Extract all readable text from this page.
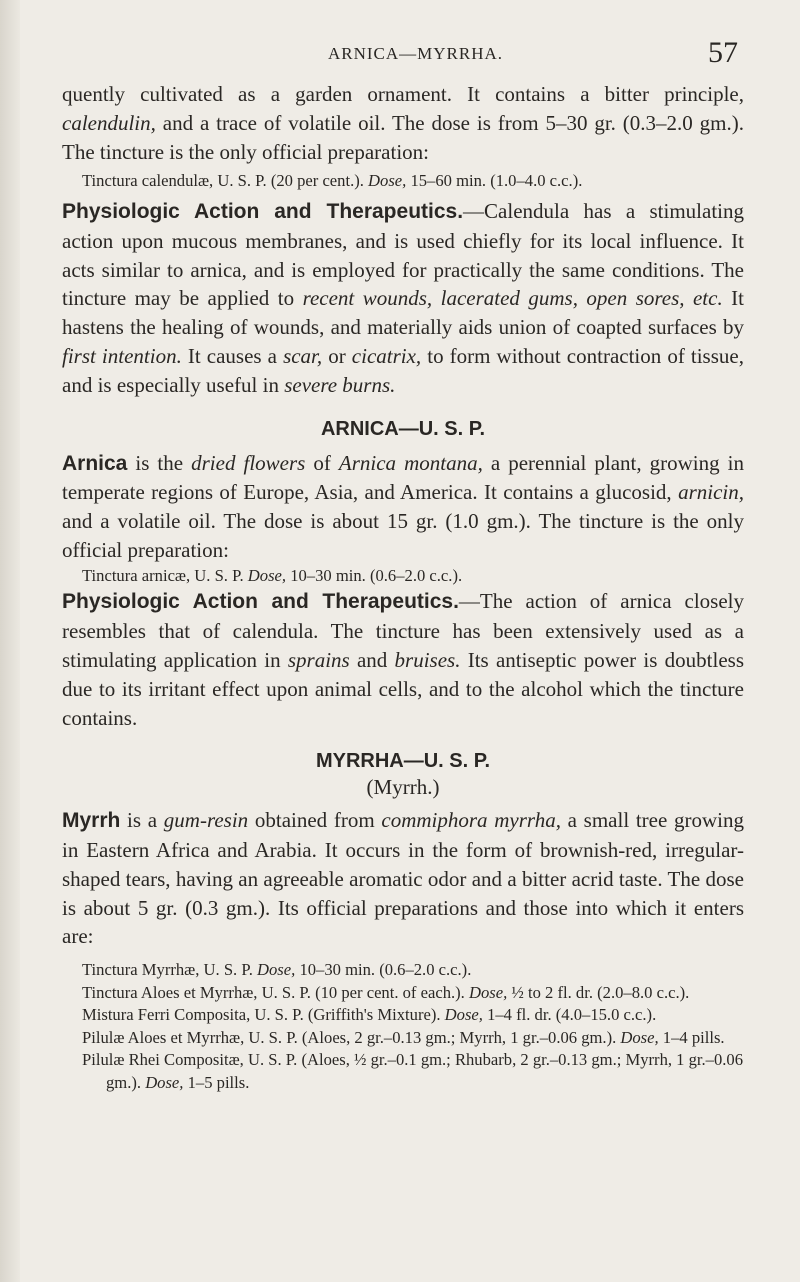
ARNICA—MYRRHA.	57

quently cultivated as a garden ornament. It contains a bitter principle, calendulin, and a trace of volatile oil. The dose is from 5–30 gr. (0.3–2.0 gm.). The tincture is the only official preparation:

Tinctura calendulæ, U. S. P. (20 per cent.). Dose, 15–60 min. (1.0–4.0 c.c.).

Physiologic Action and Therapeutics.—Calendula has a stimulating action upon mucous membranes, and is used chiefly for its local influence. It acts similar to arnica, and is employed for practically the same conditions. The tincture may be applied to recent wounds, lacerated gums, open sores, etc. It hastens the healing of wounds, and materially aids union of coapted surfaces by first intention. It causes a scar, or cicatrix, to form without contraction of tissue, and is especially useful in severe burns.

ARNICA—U. S. P.

Arnica is the dried flowers of Arnica montana, a perennial plant, growing in temperate regions of Europe, Asia, and America. It contains a glucosid, arnicin, and a volatile oil. The dose is about 15 gr. (1.0 gm.). The tincture is the only official preparation:

Tinctura arnicæ, U. S. P. Dose, 10–30 min. (0.6–2.0 c.c.).

Physiologic Action and Therapeutics.—The action of arnica closely resembles that of calendula. The tincture has been extensively used as a stimulating application in sprains and bruises. Its antiseptic power is doubtless due to its irritant effect upon animal cells, and to the alcohol which the tincture contains.

MYRRHA—U. S. P.

(Myrrh.)

Myrrh is a gum-resin obtained from commiphora myrrha, a small tree growing in Eastern Africa and Arabia. It occurs in the form of brownish-red, irregular-shaped tears, having an agreeable aromatic odor and a bitter acrid taste. The dose is about 5 gr. (0.3 gm.). Its official preparations and those into which it enters are:

Tinctura Myrrhæ, U. S. P. Dose, 10–30 min. (0.6–2.0 c.c.).

Tinctura Aloes et Myrrhæ, U. S. P. (10 per cent. of each.). Dose, ½ to 2 fl. dr. (2.0–8.0 c.c.).

Mistura Ferri Composita, U. S. P. (Griffith's Mixture). Dose, 1–4 fl. dr. (4.0–15.0 c.c.).

Pilulæ Aloes et Myrrhæ, U. S. P. (Aloes, 2 gr.–0.13 gm.; Myrrh, 1 gr.–0.06 gm.). Dose, 1–4 pills.

Pilulæ Rhei Compositæ, U. S. P. (Aloes, ½ gr.–0.1 gm.; Rhubarb, 2 gr.–0.13 gm.; Myrrh, 1 gr.–0.06 gm.). Dose, 1–5 pills.
